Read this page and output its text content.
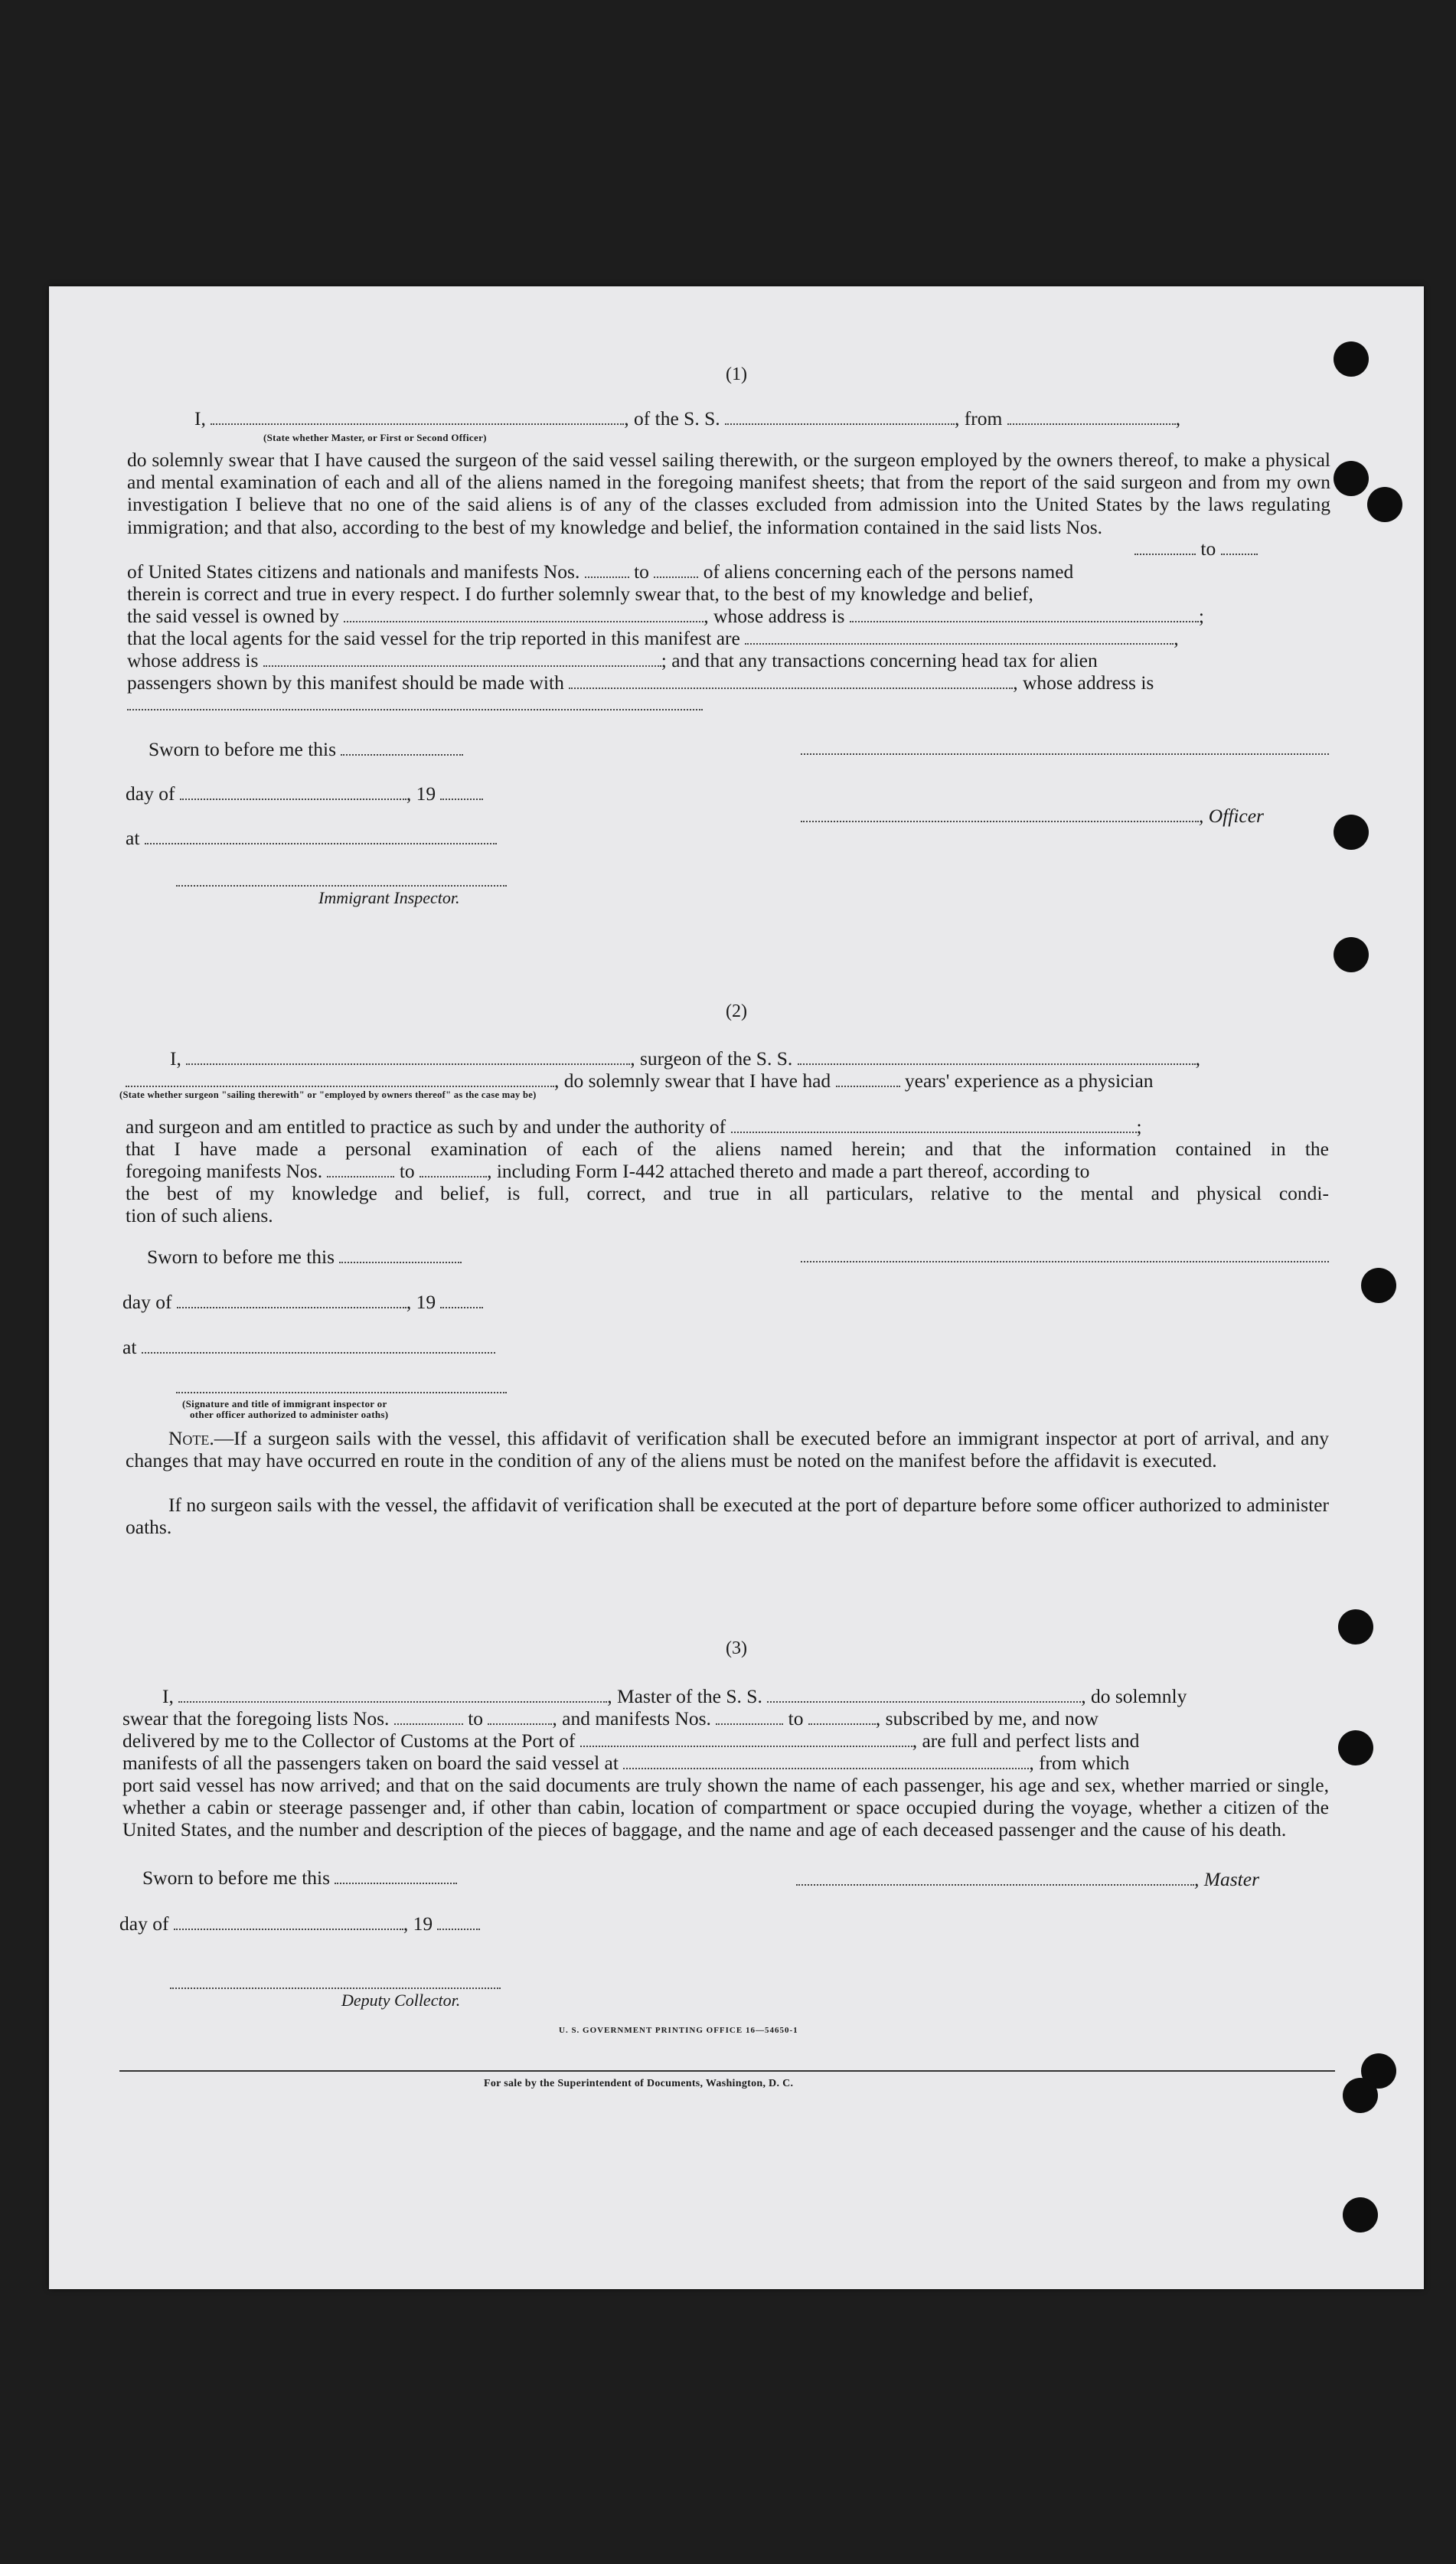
(1)
I,	, of the S. S.	, from	,
(State whether Master, or First or Second Officer)
do solemnly swear that I have caused the surgeon of the said vessel sailing therewith, or the surgeon employed by the owners thereof, to make a physical and mental examination of each and all of the aliens named in the foregoing manifest sheets; that from the report of the said surgeon and from my own investigation I believe that no one of the said aliens is of any of the classes excluded from admission into the United States by the laws regulating immigration; and that also, according to the best of my knowledge and belief, the information contained in the said lists Nos.
to
of United States citizens and nationals and manifests Nos.	to	of aliens concerning each of the persons named
therein is correct and true in every respect. I do further solemnly swear that, to the best of my knowledge and belief,
the said vessel is owned by	, whose address is	;
that the local agents for the said vessel for the trip reported in this manifest are	,
whose address is	; and that any transactions concerning head tax for alien
passengers shown by this manifest should be made with	, whose address is
Sworn to before me this
day of	, 19
, Officer
at
Immigrant Inspector.
(2)
I,	, surgeon of the S. S.	,
, do solemnly swear that I have had	years' experience as a physician
(State whether surgeon "sailing therewith" or "employed by owners thereof" as the case may be)
and surgeon and am entitled to practice as such by and under the authority of	;
that I have made a personal examination of each of the aliens named herein; and that the information contained in the
foregoing manifests Nos.	to	, including Form I-442 attached thereto and made a part thereof, according to
the best of my knowledge and belief, is full, correct, and true in all particulars, relative to the mental and physical condi-
tion of such aliens.
Sworn to before me this
day of	, 19
at
(Signature and title of immigrant inspector or
other officer authorized to administer oaths)
Note.—If a surgeon sails with the vessel, this affidavit of verification shall be executed before an immigrant inspector at port of arrival, and any changes that may have occurred en route in the condition of any of the aliens must be noted on the manifest before the affidavit is executed.
If no surgeon sails with the vessel, the affidavit of verification shall be executed at the port of departure before some officer authorized to administer oaths.
(3)
I,	, Master of the S. S.	, do solemnly
swear that the foregoing lists Nos.	to	, and manifests Nos.	to	, subscribed by me, and now
delivered by me to the Collector of Customs at the Port of	, are full and perfect lists and
manifests of all the passengers taken on board the said vessel at	, from which
port said vessel has now arrived; and that on the said documents are truly shown the name of each passenger, his age and sex, whether married or single, whether a cabin or steerage passenger and, if other than cabin, location of compartment or space occupied during the voyage, whether a citizen of the United States, and the number and description of the pieces of baggage, and the name and age of each deceased passenger and the cause of his death.
Sworn to before me this	, Master
day of	, 19
Deputy Collector.
U. S. GOVERNMENT PRINTING OFFICE 16—54650-1
For sale by the Superintendent of Documents, Washington, D. C.
